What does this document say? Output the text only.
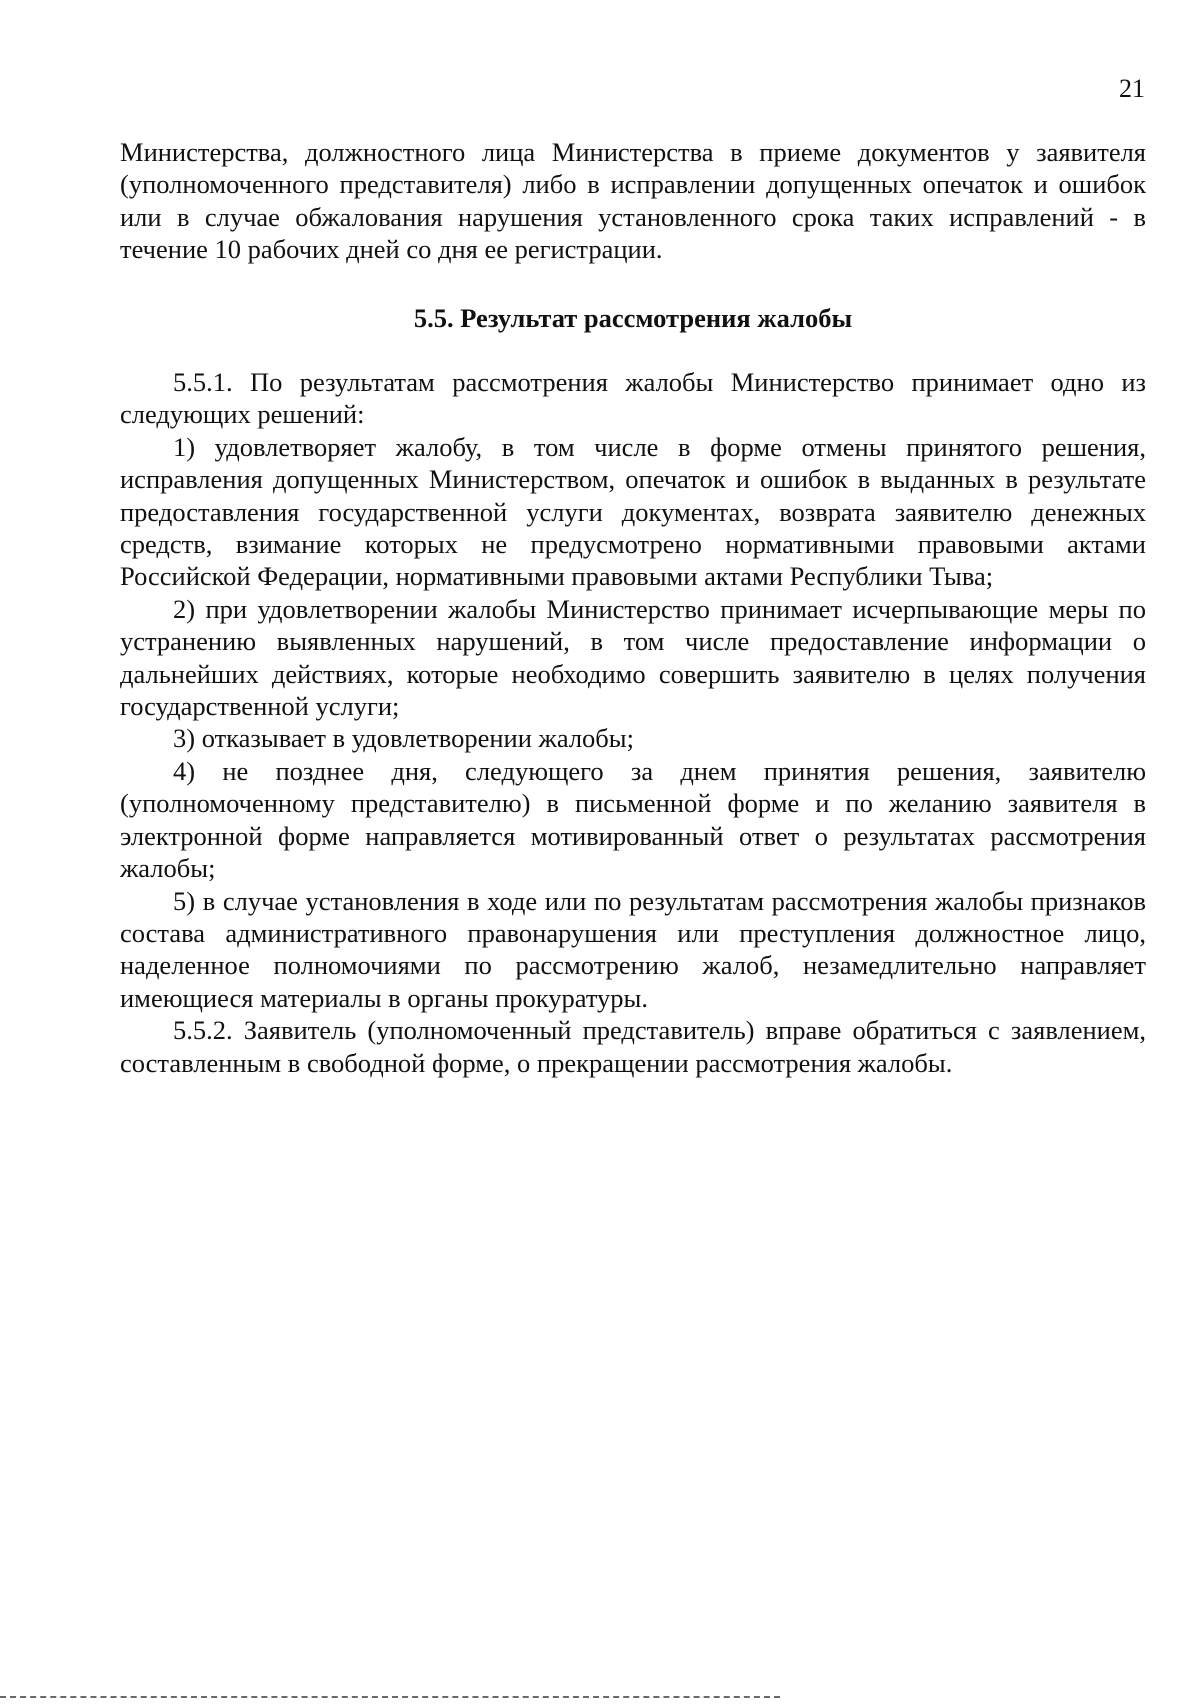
21

Министерства, должностного лица Министерства в приеме документов у заявителя (уполномоченного представителя) либо в исправлении допущенных опечаток и ошибок или в случае обжалования нарушения установленного срока таких исправлений - в течение 10 рабочих дней со дня ее регистрации.

5.5. Результат рассмотрения жалобы

5.5.1. По результатам рассмотрения жалобы Министерство принимает одно из следующих решений:

1) удовлетворяет жалобу, в том числе в форме отмены принятого решения, исправления допущенных Министерством, опечаток и ошибок в выданных в результате предоставления государственной услуги документах, возврата заявителю денежных средств, взимание которых не предусмотрено нормативными правовыми актами Российской Федерации, нормативными правовыми актами Республики Тыва;

2) при удовлетворении жалобы Министерство принимает исчерпывающие меры по устранению выявленных нарушений, в том числе предоставление информации о дальнейших действиях, которые необходимо совершить заявителю в целях получения государственной услуги;

3) отказывает в удовлетворении жалобы;

4) не позднее дня, следующего за днем принятия решения, заявителю (уполномоченному представителю) в письменной форме и по желанию заявителя в электронной форме направляется мотивированный ответ о результатах рассмотрения жалобы;

5) в случае установления в ходе или по результатам рассмотрения жалобы признаков состава административного правонарушения или преступления должностное лицо, наделенное полномочиями по рассмотрению жалоб, незамедлительно направляет имеющиеся материалы в органы прокуратуры.

5.5.2. Заявитель (уполномоченный представитель) вправе обратиться с заявлением, составленным в свободной форме, о прекращении рассмотрения жалобы.
